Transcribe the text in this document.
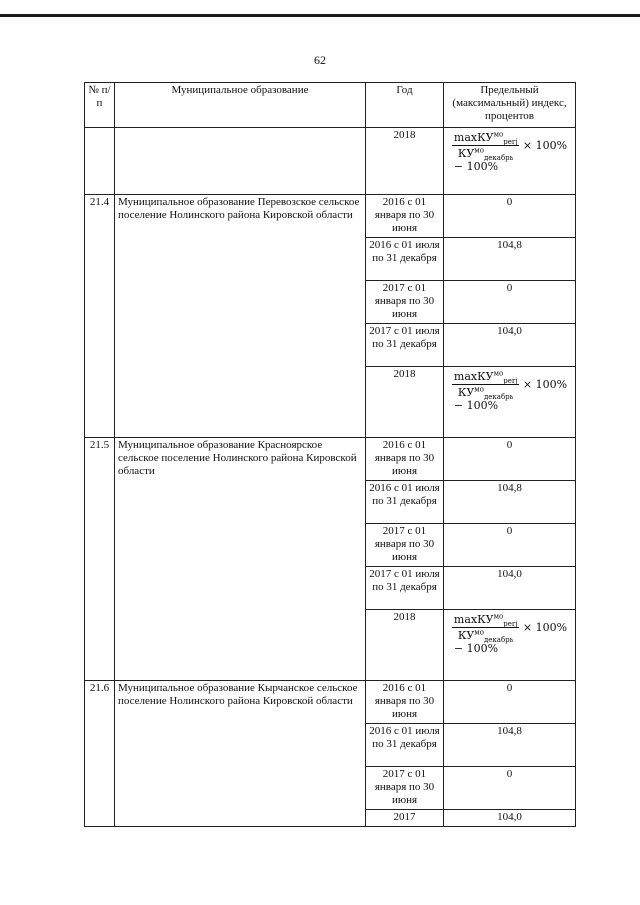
62
№ п/п	Муниципальное образование	Год	Предельный (максимальный) индекс, процентов
		2018	$\frac{\max КУ^{мо}_{perj}}{КУ^{мо}_{декабрь}} \times 100\%$
− 100%

21.4	Муниципальное образование Перевозское сельское поселение Нолинского района Кировской области	2016 с 01 января по 30 июня	0
		2016 с 01 июля по 31 декабря	104,8
		2017 с 01 января по 30 июня	0
		2017 с 01 июля по 31 декабря	104,0
		2018	$\frac{\max КУ^{мо}_{perj}}{КУ^{мо}_{декабрь}} \times 100\%$
− 100%

21.5	Муниципальное образование Красноярское сельское поселение Нолинского района Кировской области	2016 с 01 января по 30 июня	0
		2016 с 01 июля по 31 декабря	104,8
		2017 с 01 января по 30 июня	0
		2017 с 01 июля по 31 декабря	104,0
		2018	$\frac{\max КУ^{мо}_{perj}}{КУ^{мо}_{декабрь}} \times 100\%$
− 100%

21.6	Муниципальное образование Кырчанское сельское поселение Нолинского района Кировской области	2016 с 01 января по 30 июня	0
		2016 с 01 июля по 31 декабря	104,8
		2017 с 01 января по 30 июня	0
		2017	104,0
